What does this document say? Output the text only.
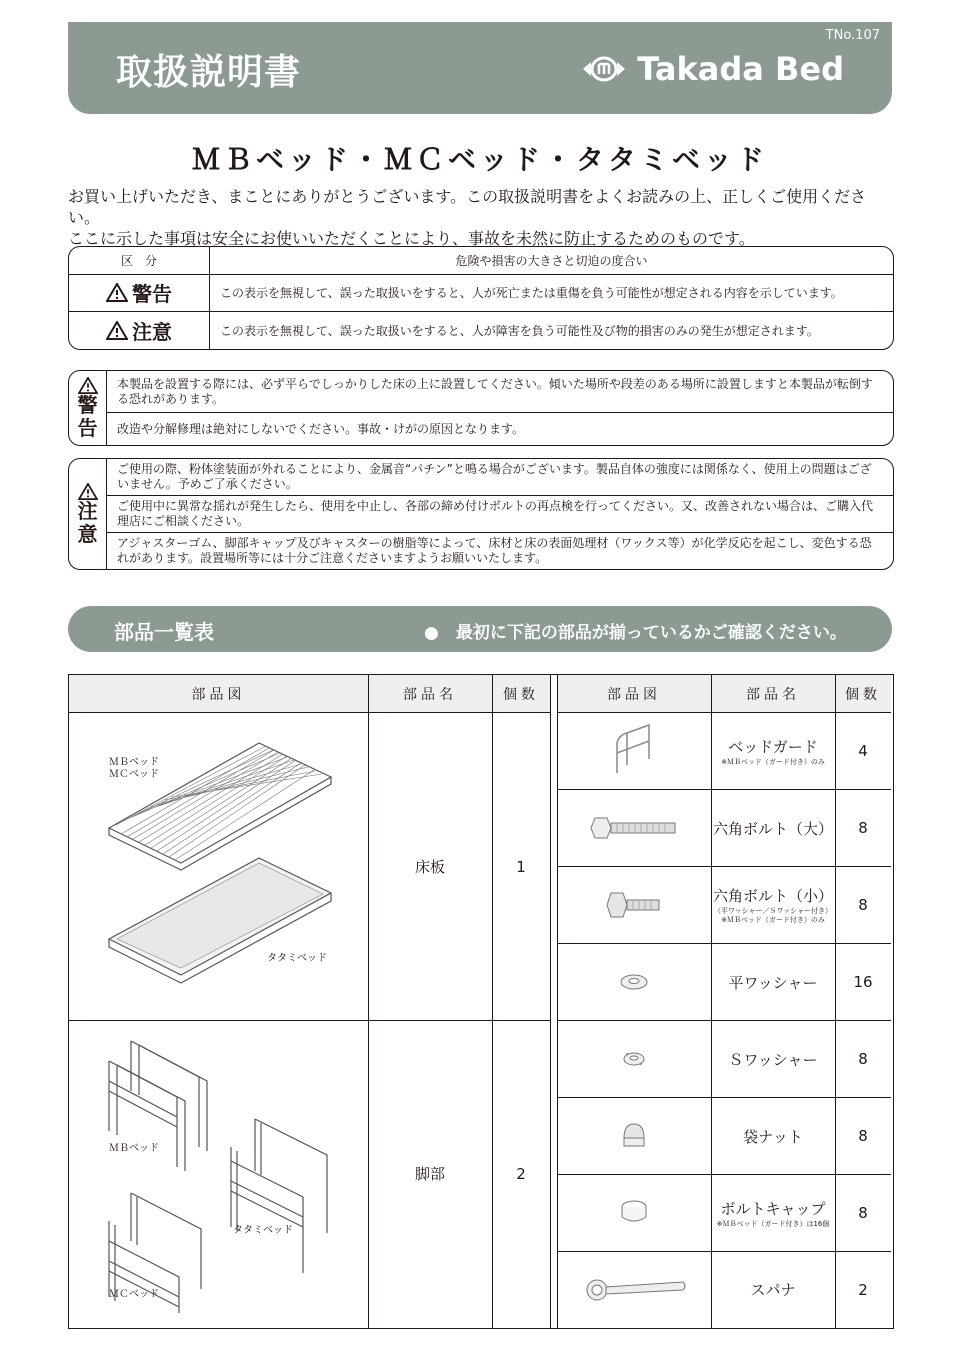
取扱説明書
TNo.107
Takada Bed
ＭＢベッド・ＭＣベッド・タタミベッド

お買い上げいただき、まことにありがとうございます。この取扱説明書をよくお読みの上、正しくご使用ください。

ここに示した事項は安全にお使いいただくことにより、事故を未然に防止するためのものです。

区　分	危険や損害の大きさと切迫の度合い

警告	この表示を無視して、誤った取扱いをすると、人が死亡または重傷を負う可能性が想定される内容を示しています。

注意	この表示を無視して、誤った取扱いをすると、人が障害を負う可能性及び物的損害のみの発生が想定されます。
警
告
本製品を設置する際には、必ず平らでしっかりした床の上に設置してください。傾いた場所や段差のある場所に設置しますと本製品が転倒する恐れがあります。
改造や分解修理は絶対にしないでください。事故・けがの原因となります。
注
意
ご使用の際、粉体塗装面が外れることにより、金属音“パチン”と鳴る場合がございます。製品自体の強度には関係なく、使用上の問題はございません。予めご了承ください。
ご使用中に異常な揺れが発生したら、使用を中止し、各部の締め付けボルトの再点検を行ってください。又、改善されない場合は、ご購入代理店にご相談ください。
アジャスターゴム、脚部キャップ及びキャスターの樹脂等によって、床材と床の表面処理材（ワックス等）が化学反応を起こし、変色する恐れがあります。設置場所等には十分ご注意くださいますようお願いいたします。
部品一覧表	●　最初に下記の部品が揃っているかご確認ください。
部品図	部品名	個数	部品図	部品名	個数
ＭＢベッド
ＭＣベッド
タタミベッド
床板	1
ＭＢベッド
タタミベッド
ＭＣベッド
脚部	2
ベッドガード
※ＭＢベッド（ガード付き）のみ
4
六角ボルト（大）	8
六角ボルト（小）
（平ワッシャー／Ｓワッシャー付き）
※ＭＢベッド（ガード付き）のみ
8
平ワッシャー	16
Ｓワッシャー	8
袋ナット	8
ボルトキャップ
※ＭＢベッド（ガード付き）は16個
8
スパナ	2
